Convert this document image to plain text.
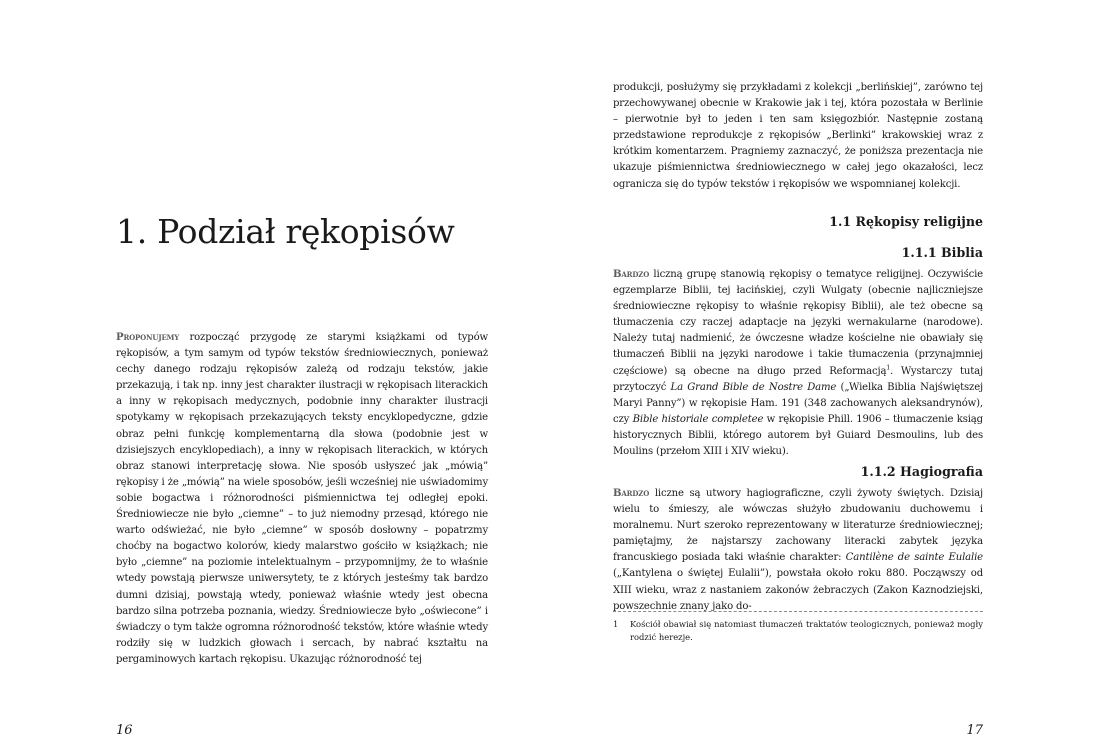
1. Podział rękopisów

Proponujemy rozpocząć przygodę ze starymi książkami od typów rękopisów, a tym samym od typów tekstów średniowiecznych, ponieważ cechy danego rodzaju rękopisów zależą od rodzaju tekstów, jakie przekazują, i tak np. inny jest charakter ilustracji w rękopisach literackich a inny w rękopisach medycznych, podobnie inny charakter ilustracji spotykamy w rękopisach przekazujących teksty encyklopedyczne, gdzie obraz pełni funkcję komplementarną dla słowa (podobnie jest w dzisiejszych encyklopediach), a inny w rękopisach literackich, w których obraz stanowi interpretację słowa. Nie sposób usłyszeć jak „mówią” rękopisy i że „mówią” na wiele sposobów, jeśli wcześniej nie uświadomimy sobie bogactwa i różnorodności piśmiennictwa tej odległej epoki. Średniowiecze nie było „ciemne” – to już niemodny przesąd, którego nie warto odświeżać, nie było „ciemne” w sposób dosłowny – popatrzmy choćby na bogactwo kolorów, kiedy malarstwo gościło w książkach; nie było „ciemne” na poziomie intelektualnym – przypomnijmy, że to właśnie wtedy powstają pierwsze uniwersytety, te z których jesteśmy tak bardzo dumni dzisiaj, powstają wtedy, ponieważ właśnie wtedy jest obecna bardzo silna potrzeba poznania, wiedzy. Średniowiecze było „oświecone” i świadczy o tym także ogromna różnorodność tekstów, które właśnie wtedy rodziły się w ludzkich głowach i sercach, by nabrać kształtu na pergaminowych kartach rękopisu. Ukazując różnorodność tej

16

produkcji, posłużymy się przykładami z kolekcji „berlińskiej”, zarówno tej przechowywanej obecnie w Krakowie jak i tej, która pozostała w Berlinie – pierwotnie był to jeden i ten sam księgozbiór. Następnie zostaną przedstawione reprodukcje z rękopisów „Berlinki” krakowskiej wraz z krótkim komentarzem. Pragniemy zaznaczyć, że poniższa prezentacja nie ukazuje piśmiennictwa średniowiecznego w całej jego okazałości, lecz ogranicza się do typów tekstów i rękopisów we wspomnianej kolekcji.

1.1 Rękopisy religijne
1.1.1 Biblia

Bardzo liczną grupę stanowią rękopisy o tematyce religijnej. Oczywiście egzemplarze Biblii, tej łacińskiej, czyli Wulgaty (obecnie najliczniejsze średniowieczne rękopisy to właśnie rękopisy Biblii), ale też obecne są tłumaczenia czy raczej adaptacje na języki wernakularne (narodowe). Należy tutaj nadmienić, że ówczesne władze kościelne nie obawiały się tłumaczeń Biblii na języki narodowe i takie tłumaczenia (przynajmniej częściowe) są obecne na długo przed Reformacją$^1$. Wystarczy tutaj przytoczyć La Grand Bible de Nostre Dame („Wielka Biblia Najświętszej Maryi Panny”) w rękopisie Ham. 191 (348 zachowanych aleksandrynów), czy Bible historiale completee w rękopisie Phill. 1906 – tłumaczenie ksiąg historycznych Biblii, którego autorem był Guiard Desmoulins, lub des Moulins (przełom XIII i XIV wieku).

1.1.2 Hagiografia

Bardzo liczne są utwory hagiograficzne, czyli żywoty świętych. Dzisiaj wielu to śmieszy, ale wówczas służyło zbudowaniu duchowemu i moralnemu. Nurt szeroko reprezentowany w literaturze średniowiecznej; pamiętajmy, że najstarszy zachowany literacki zabytek języka francuskiego posiada taki właśnie charakter: Cantilène de sainte Eulalie („Kantylena o świętej Eulalii”), powstała około roku 880. Począwszy od XIII wieku, wraz z nastaniem zakonów żebraczych (Zakon Kaznodziejski, powszechnie znany jako do-

1 Kościół obawiał się natomiast tłumaczeń traktatów teologicznych, ponieważ mogły rodzić herezje.

17
